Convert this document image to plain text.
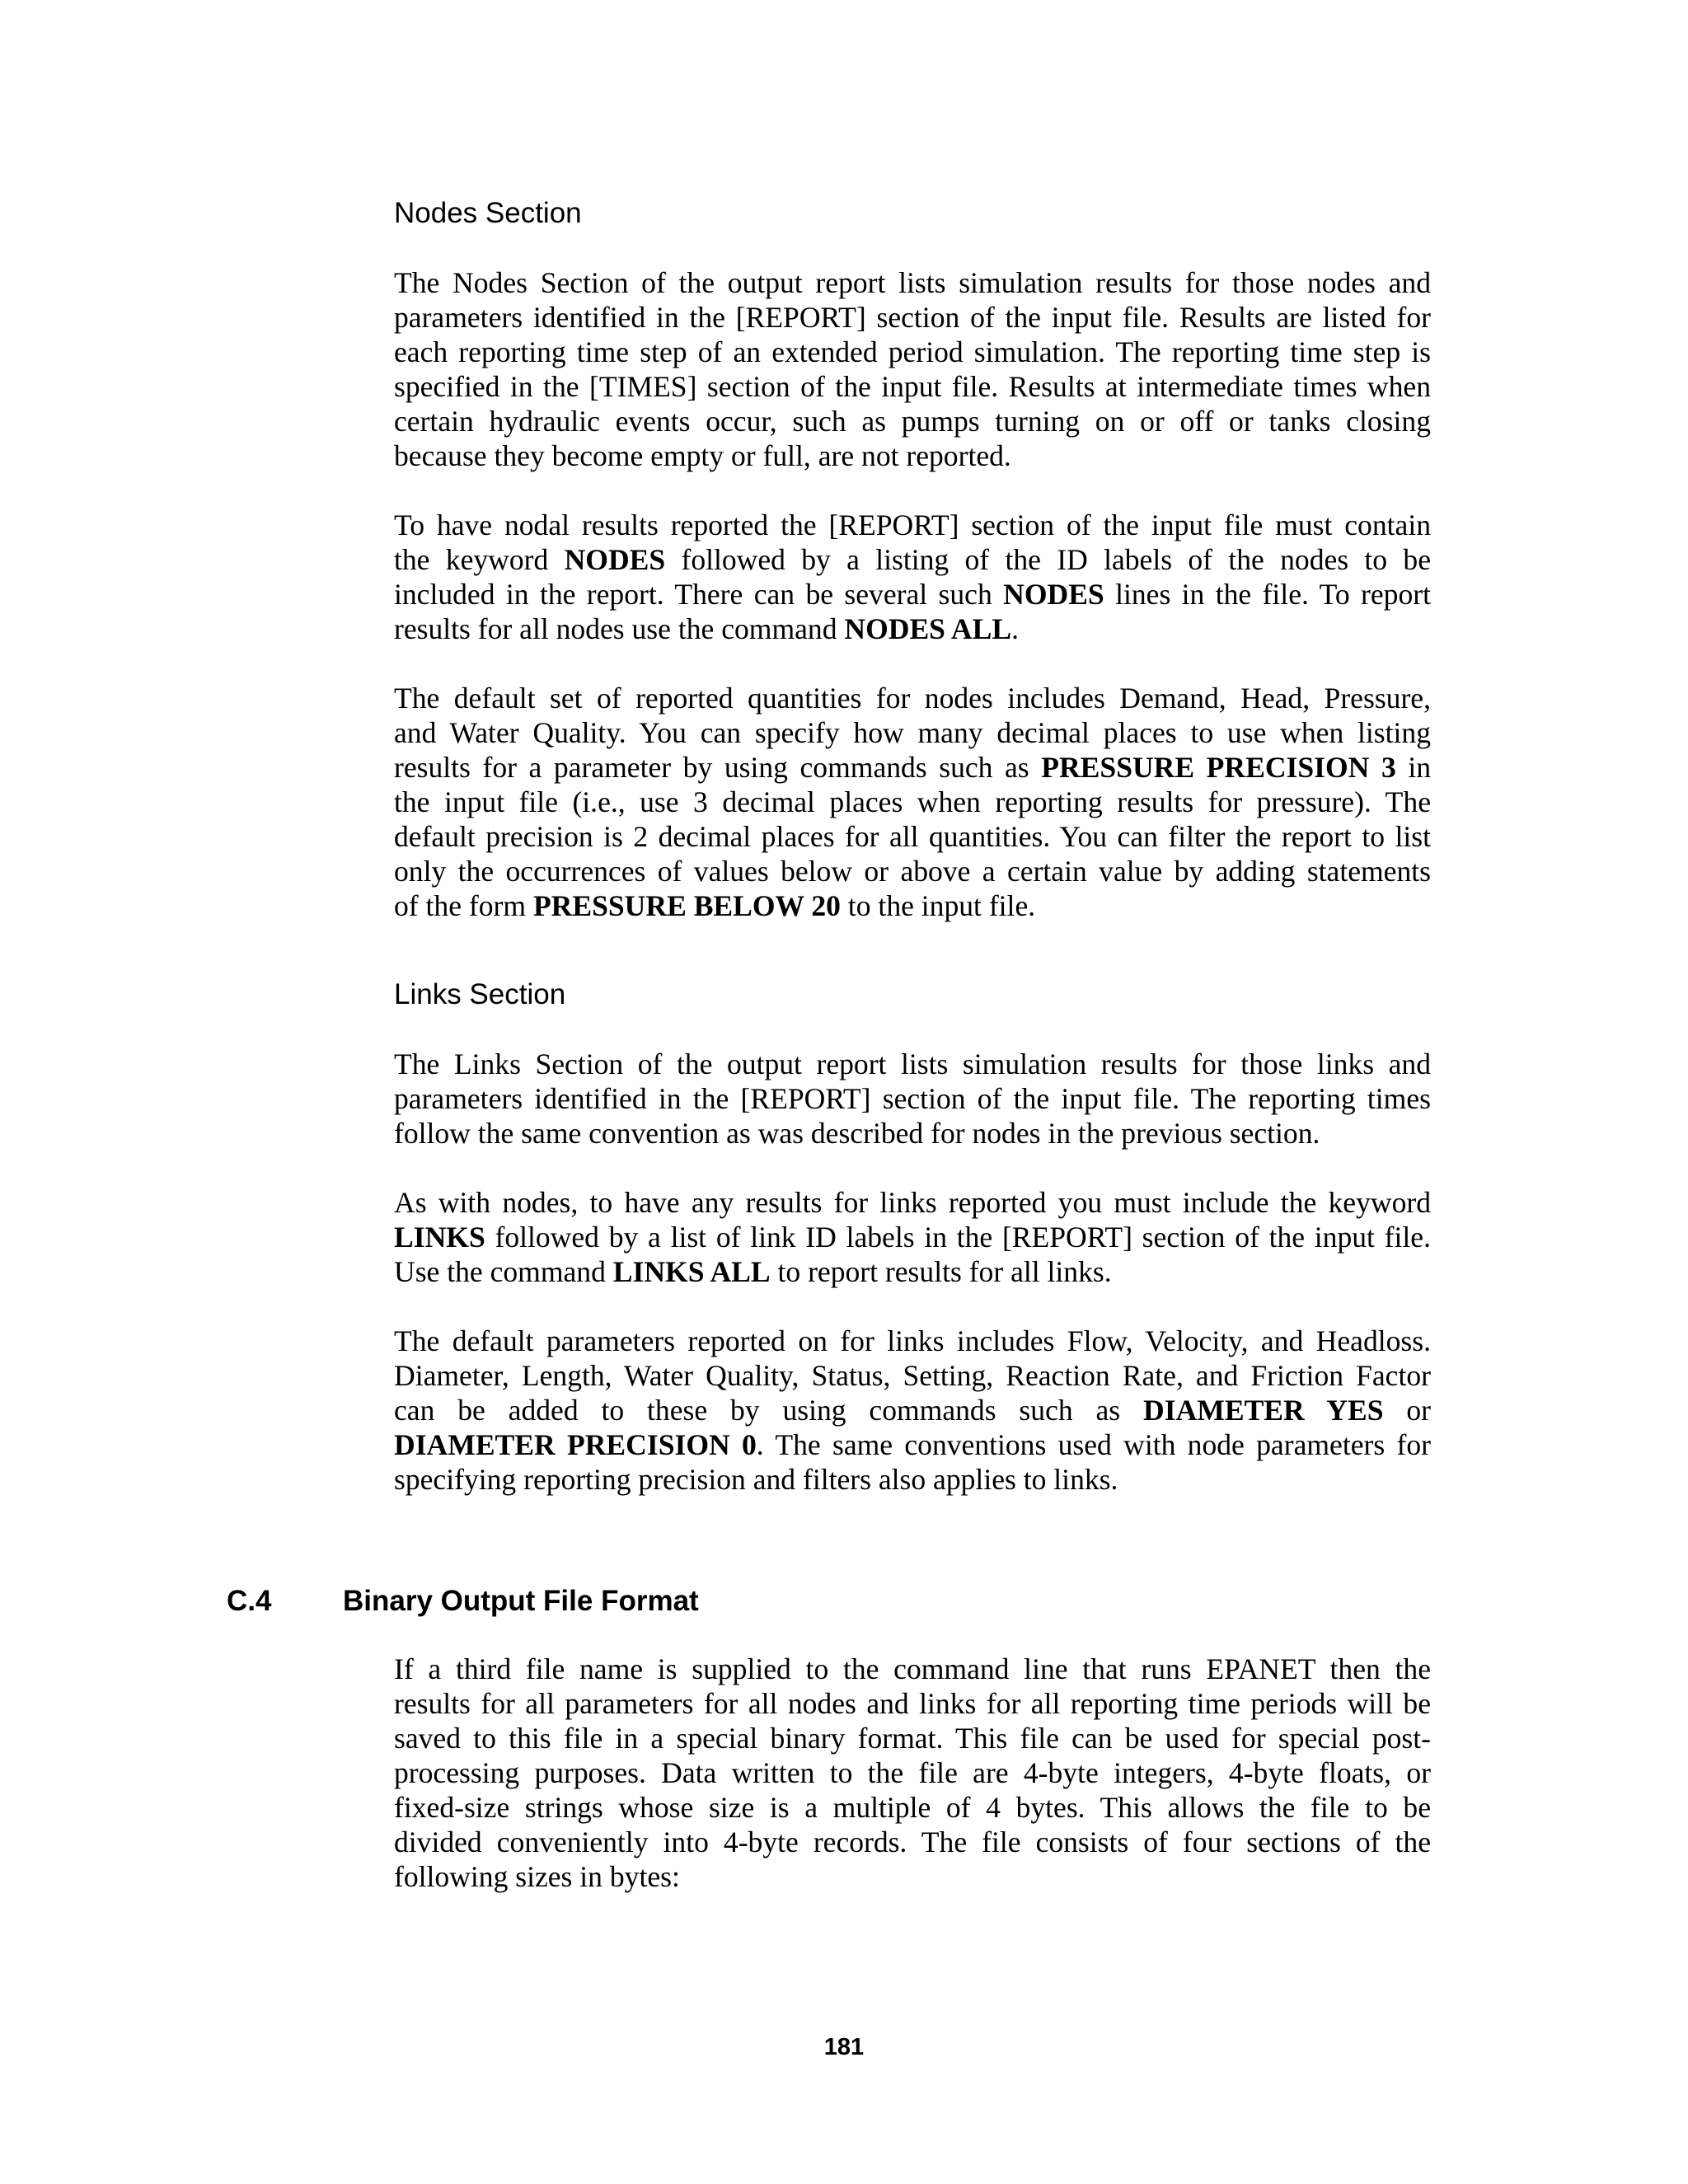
Nodes Section
The Nodes Section of the output report lists simulation results for those nodes and
parameters identified in the [REPORT] section of the input file. Results are listed for
each reporting time step of an extended period simulation. The reporting time step is
specified in the [TIMES] section of the input file. Results at intermediate times when
certain hydraulic events occur, such as pumps turning on or off or tanks closing
because they become empty or full, are not reported.
To have nodal results reported the [REPORT] section of the input file must contain
the keyword NODES followed by a listing of the ID labels of the nodes to be
included in the report. There can be several such NODES lines in the file. To report
results for all nodes use the command NODES ALL.
The default set of reported quantities for nodes includes Demand, Head, Pressure,
and Water Quality. You can specify how many decimal places to use when listing
results for a parameter by using commands such as PRESSURE PRECISION 3 in
the input file (i.e., use 3 decimal places when reporting results for pressure). The
default precision is 2 decimal places for all quantities. You can filter the report to list
only the occurrences of values below or above a certain value by adding statements
of the form PRESSURE BELOW 20 to the input file.
Links Section
The Links Section of the output report lists simulation results for those links and
parameters identified in the [REPORT] section of the input file. The reporting times
follow the same convention as was described for nodes in the previous section.
As with nodes, to have any results for links reported you must include the keyword
LINKS followed by a list of link ID labels in the [REPORT] section of the input file.
Use the command LINKS ALL to report results for all links.
The default parameters reported on for links includes Flow, Velocity, and Headloss.
Diameter, Length, Water Quality, Status, Setting, Reaction Rate, and Friction Factor
can be added to these by using commands such as DIAMETER YES or
DIAMETER PRECISION 0. The same conventions used with node parameters for
specifying reporting precision and filters also applies to links.
C.4 Binary Output File Format
If a third file name is supplied to the command line that runs EPANET then the
results for all parameters for all nodes and links for all reporting time periods will be
saved to this file in a special binary format. This file can be used for special post-
processing purposes. Data written to the file are 4-byte integers, 4-byte floats, or
fixed-size strings whose size is a multiple of 4 bytes. This allows the file to be
divided conveniently into 4-byte records. The file consists of four sections of the
following sizes in bytes:
181
